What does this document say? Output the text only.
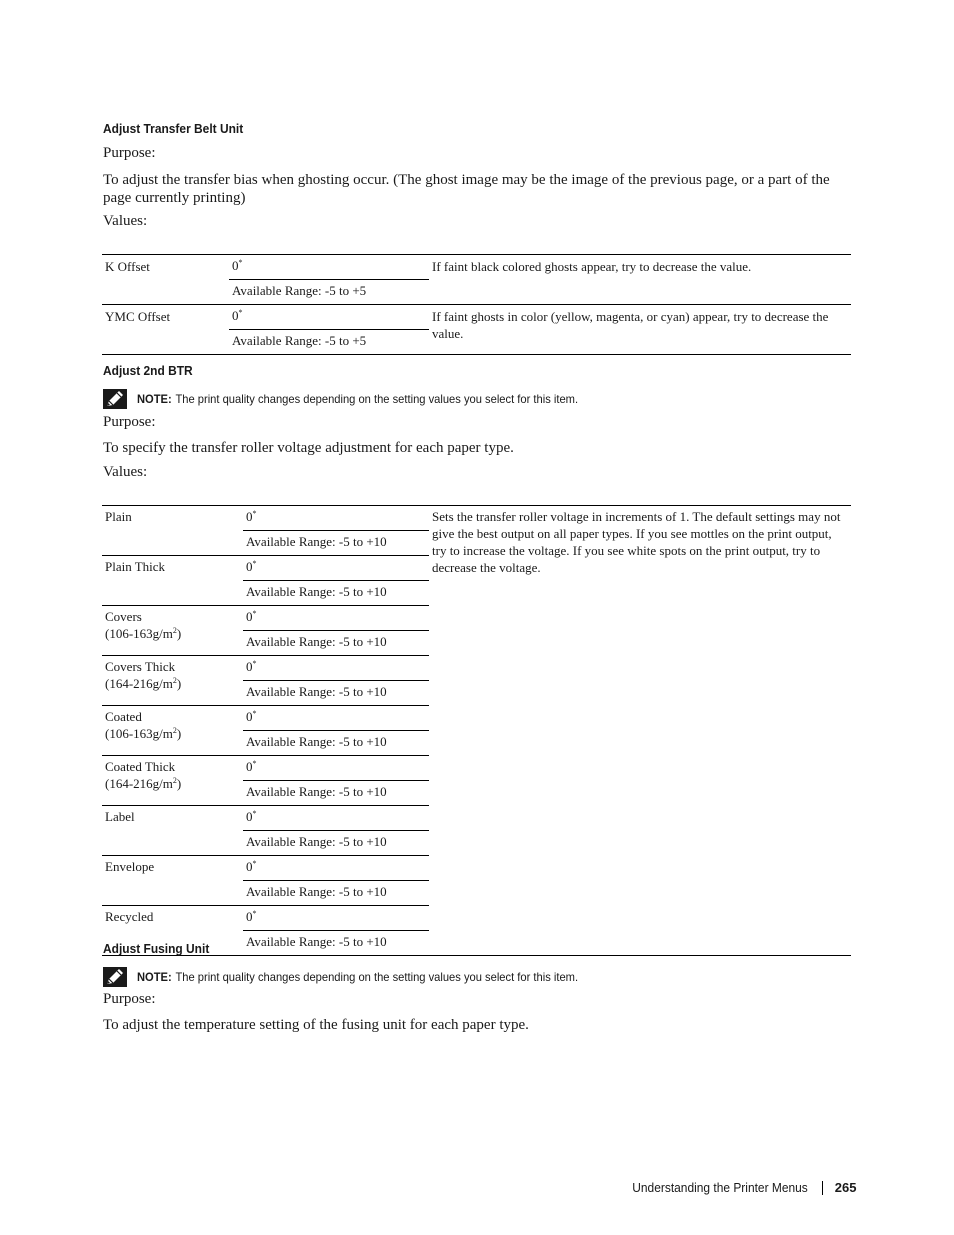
Adjust Transfer Belt Unit
Purpose:
To adjust the transfer bias when ghosting occur. (The ghost image may be the image of the previous page, or a part of the page currently printing)
Values:
K Offset	0*	If faint black colored ghosts appear, try to decrease the value.
	Available Range: -5 to +5	
YMC Offset	0*	If faint ghosts in color (yellow, magenta, or cyan) appear, try to decrease the value.
	Available Range: -5 to +5	
Adjust 2nd BTR
NOTE: The print quality changes depending on the setting values you select for this item.
Purpose:
To specify the transfer roller voltage adjustment for each paper type.
Values:
Plain	0*	Sets the transfer roller voltage in increments of 1. The default settings may not give the best output on all paper types. If you see mottles on the print output, try to increase the voltage. If you see white spots on the print output, try to decrease the voltage.
	Available Range: -5 to +10	
Plain Thick	0*
	Available Range: -5 to +10	
Covers
$(106-163g/m^2)$	0*
	Available Range: -5 to +10	
Covers Thick
$(164-216g/m^2)$	0*
	Available Range: -5 to +10	
Coated
$(106-163g/m^2)$	0*
	Available Range: -5 to +10	
Coated Thick
$(164-216g/m^2)$	0*
	Available Range: -5 to +10	
Label	0*
	Available Range: -5 to +10	
Envelope	0*
	Available Range: -5 to +10	
Recycled	0*
	Available Range: -5 to +10	
Adjust Fusing Unit
NOTE: The print quality changes depending on the setting values you select for this item.
Purpose:
To adjust the temperature setting of the fusing unit for each paper type.
Understanding the Printer Menus 265
